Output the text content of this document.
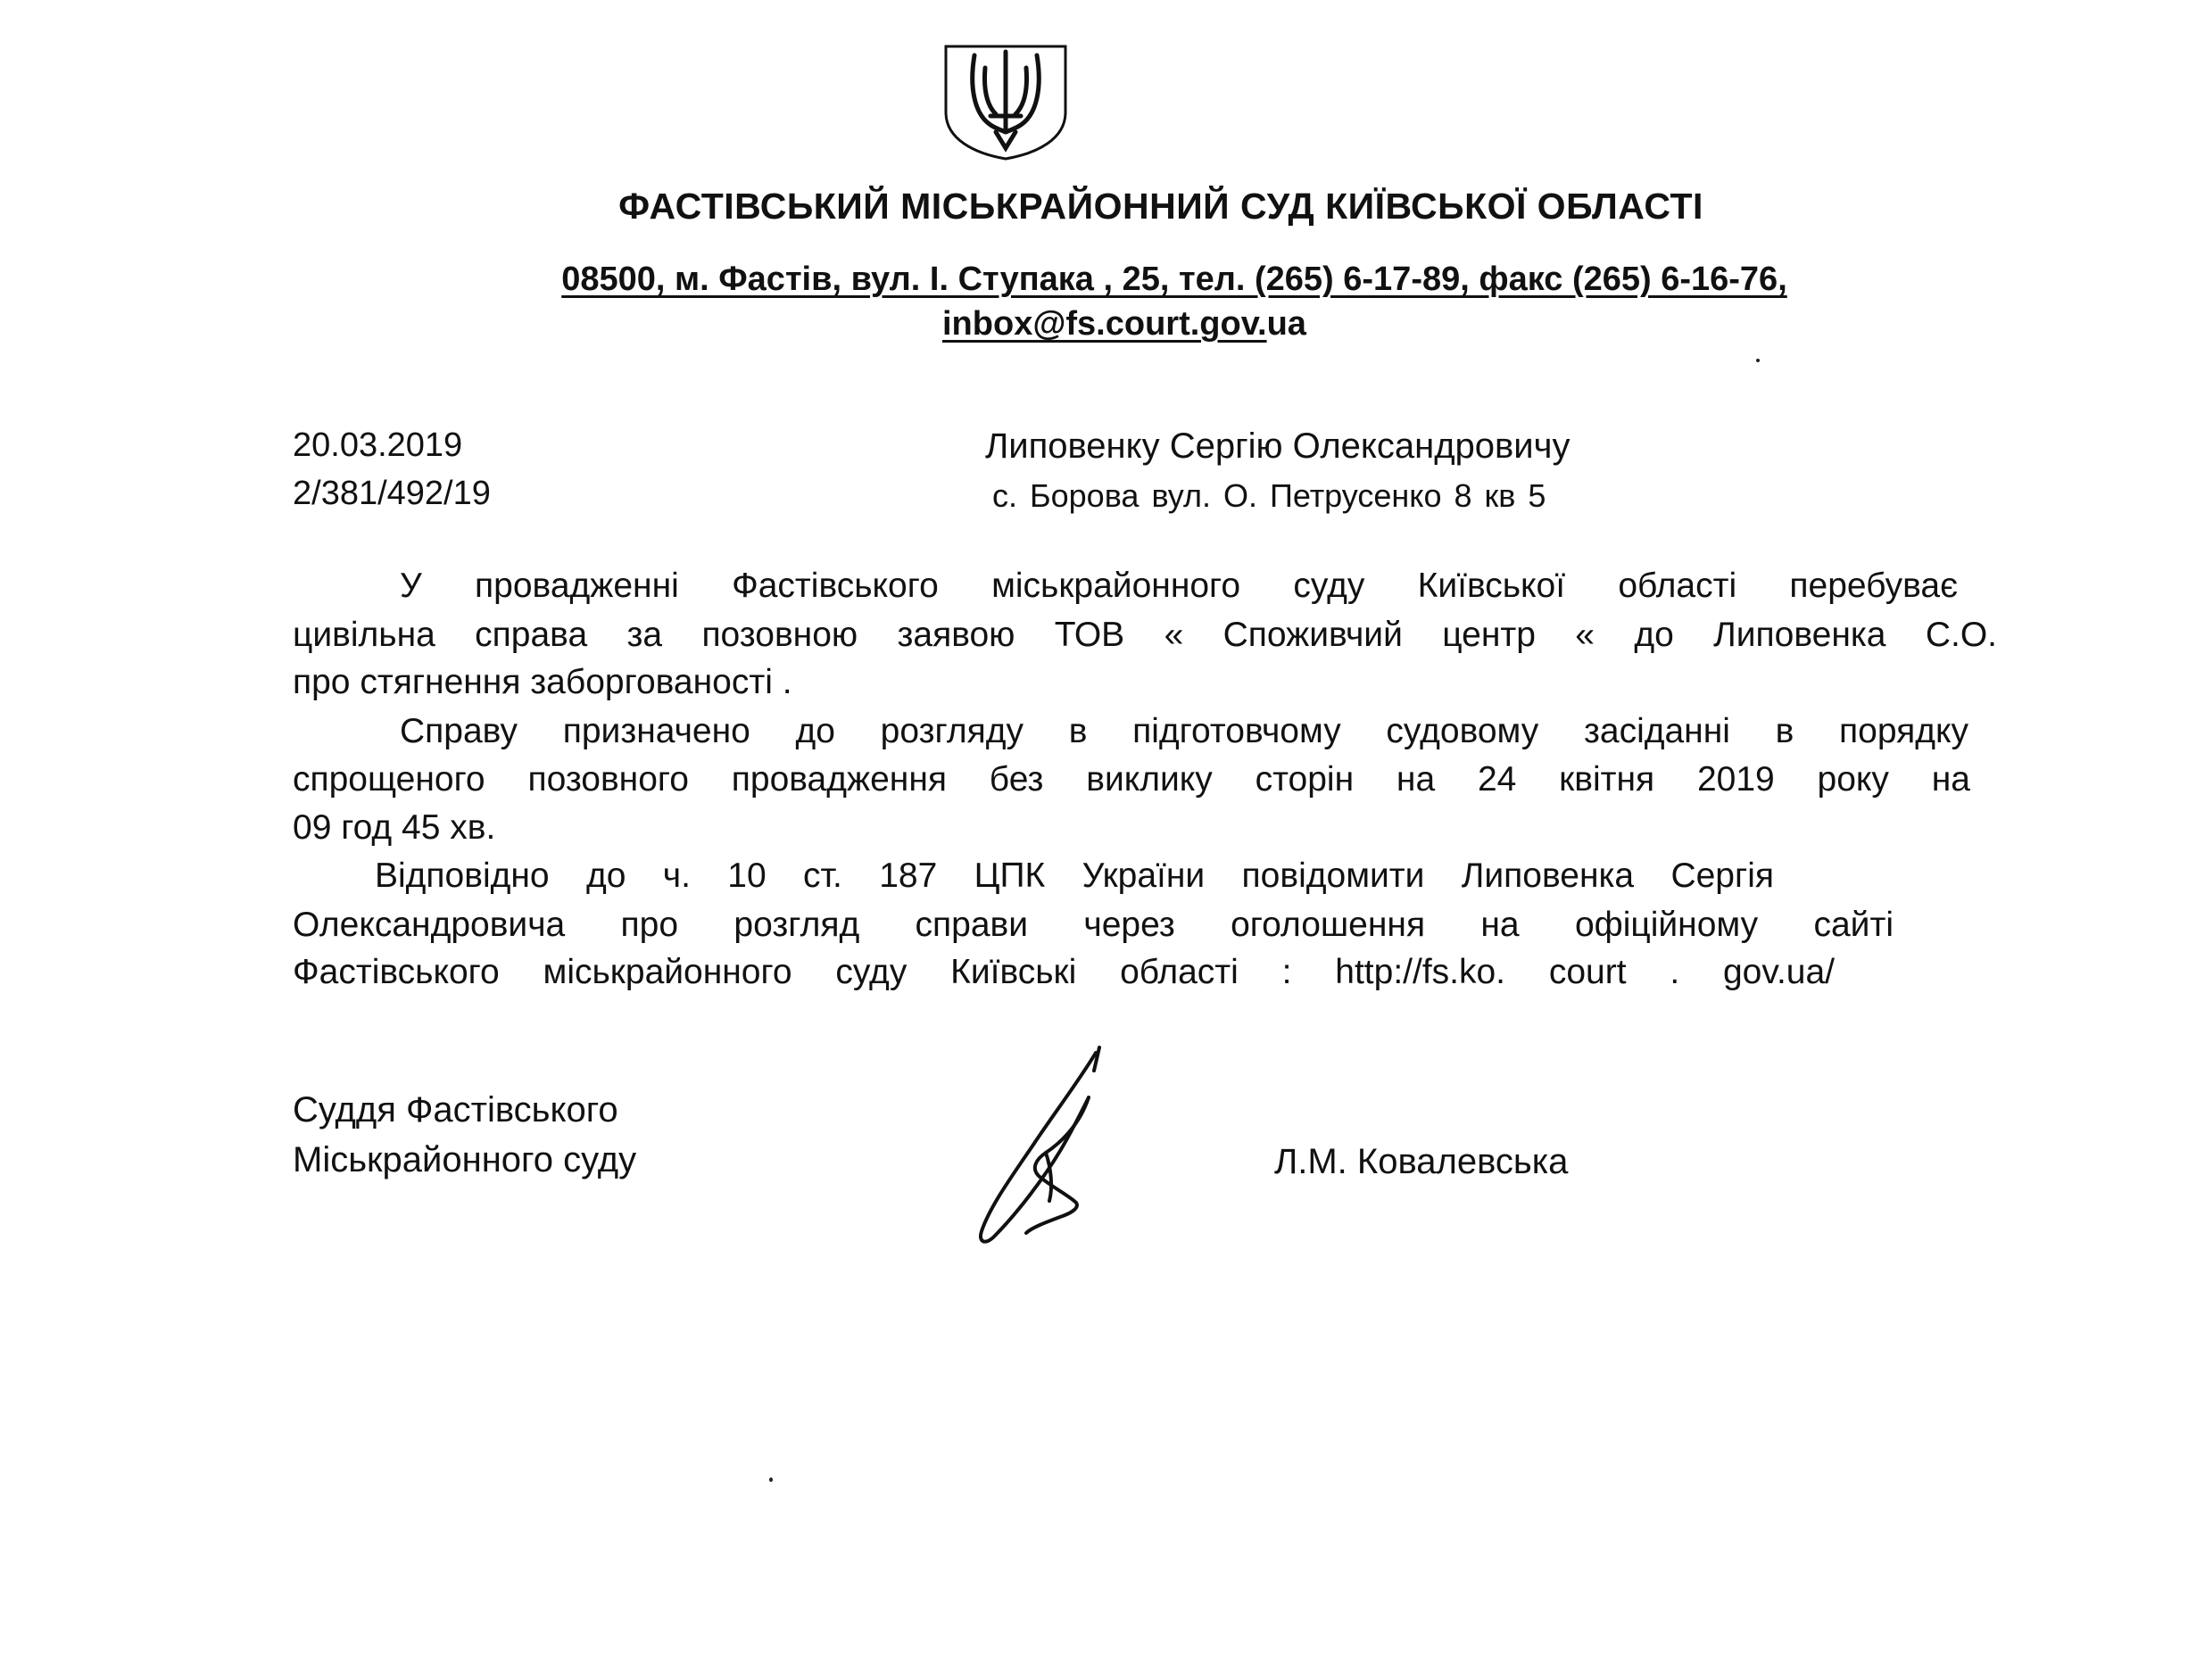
ФАСТІВСЬКИЙ МІСЬКРАЙОННИЙ СУД КИЇВСЬКОЇ ОБЛАСТІ
08500, м. Фастів, вул. І. Ступака , 25, тел. (265) 6-17-89, факс (265) 6-16-76,
inbox@fs.court.gov.ua
20.03.2019
2/381/492/19
Липовенку Сергію Олександровичу
с. Борова вул. О. Петрусенко 8 кв 5
У провадженні Фастівського міськрайонного суду Київської області перебуває
цивільна справа за позовною заявою ТОВ « Споживчий центр « до Липовенка С.О.
про стягнення заборгованості .
Справу призначено до розгляду в підготовчому судовому засіданні в порядку
спрощеного позовного провадження без виклику сторін на 24 квітня 2019 року на
09 год 45 хв.
Відповідно до ч. 10 ст. 187 ЦПК України повідомити Липовенка Сергія
Олександровича про розгляд справи через оголошення на офіційному сайті
Фастівського міськрайонного суду Київські області : http://fs.ko. court . gov.ua/
Суддя Фастівського
Міськрайонного суду	Л.М. Ковалевська
